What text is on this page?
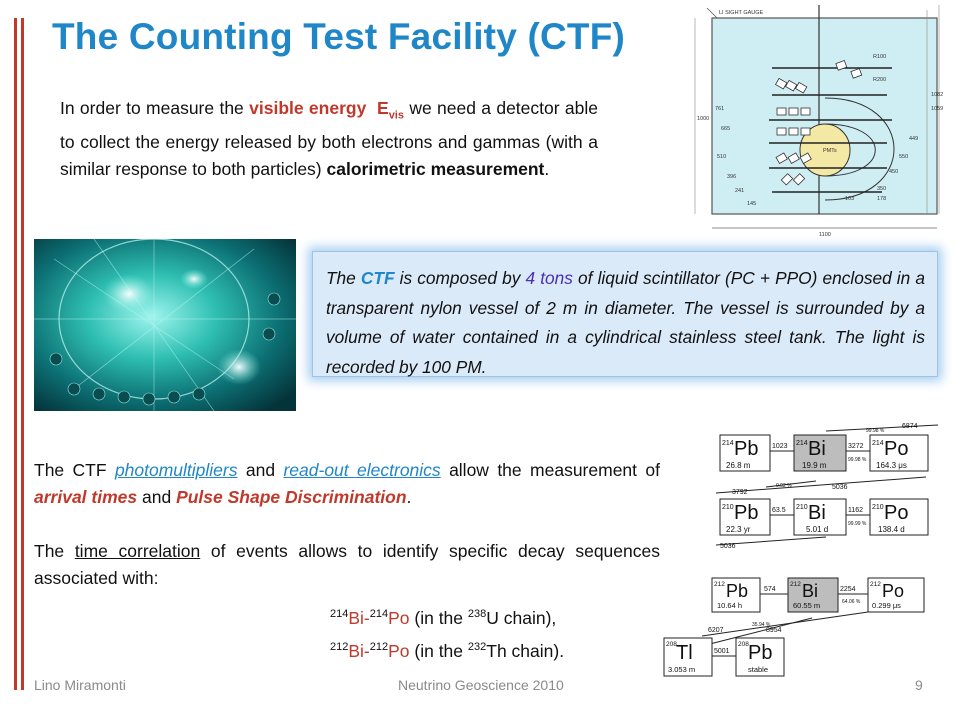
The Counting Test Facility (CTF)
In order to measure the visible energy $E_{vis}$ we need a detector able to collect the energy released by both electrons and gammas (with a similar response to both particles) calorimetric measurement.
LI SIGHT GAUGE
PMTs
R100
R200
761
665
510
396
241
145
103	178
350
450
449
550
1059
1082
1000
1100
The CTF is composed by 4 tons of liquid scintillator (PC + PPO) enclosed in a transparent nylon vessel of 2 m in diameter. The vessel is surrounded by a volume of water contained in a cylindrical stainless steel tank. The light is recorded by 100 PM.

The CTF photomultipliers and read-out electronics allow the measurement of arrival times and Pulse Shape Discrimination.

The time correlation of events allows to identify specific decay sequences associated with:

$^{214}$Bi-$^{214}$Po (in the $^{238}$U chain),
$^{212}$Bi-$^{212}$Po (in the $^{232}$Th chain).
214 Pb
26.8 m
214 Bi
19.9 m
214 Po
164.3 μs
1023	3272
99.98 %
6874
99.98 %
3792
0.02 %	5036
210 Pb
22.3 yr
210 Bi
5.01 d
210 Po
138.4 d
63.5	1162
99.99 %
5036
212 Pb
10.64 h
212 Bi
60.55 m
212 Po
0.299 μs
574	2254
64.06 %
6207
35.94 %
8954
208 Tl
3.053 m
208 Pb
stable
5001
Lino Miramonti	Neutrino Geoscience 2010	9
